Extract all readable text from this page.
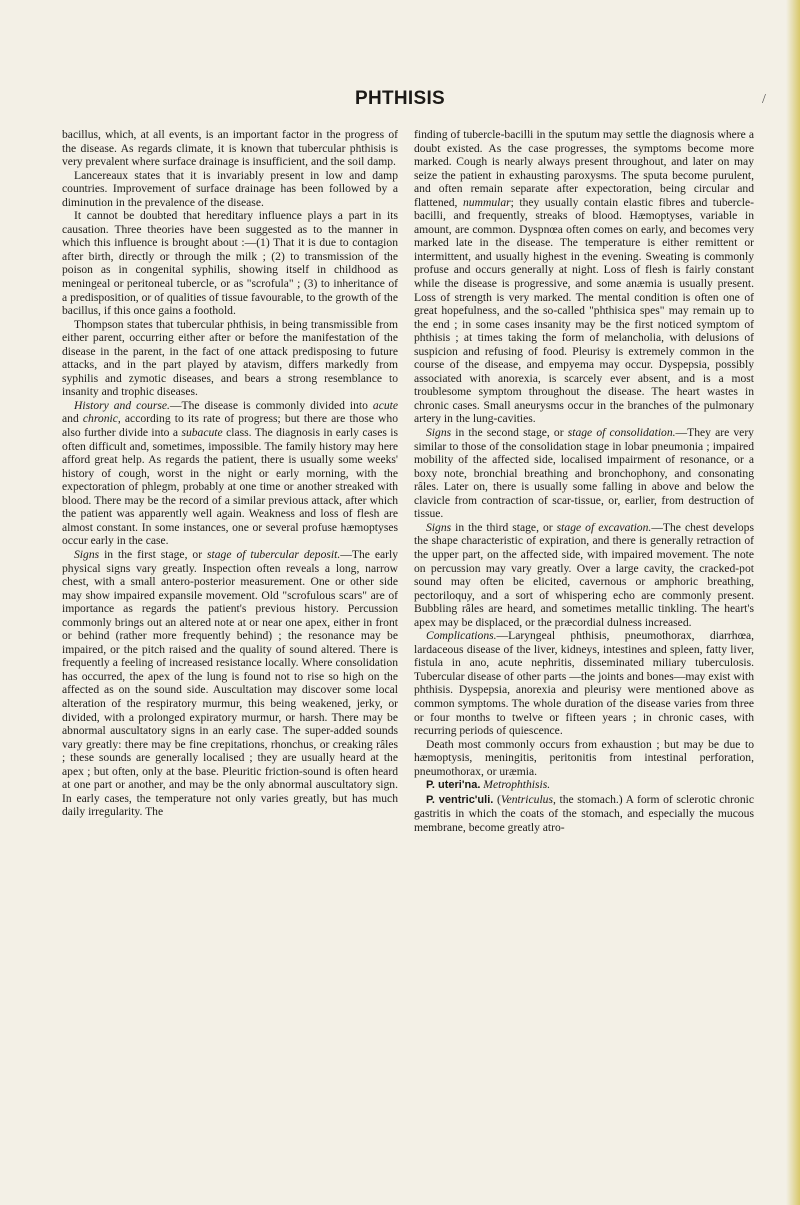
PHTHISIS	/

bacillus, which, at all events, is an important factor in the progress of the disease. As regards climate, it is known that tubercular phthisis is very prevalent where surface drainage is insufficient, and the soil damp.

Lancereaux states that it is invariably present in low and damp countries. Improvement of surface drainage has been followed by a diminution in the prevalence of the disease.

It cannot be doubted that hereditary influence plays a part in its causation. Three theories have been suggested as to the manner in which this influence is brought about :—(1) That it is due to contagion after birth, directly or through the milk ; (2) to transmission of the poison as in congenital syphilis, showing itself in childhood as meningeal or peritoneal tubercle, or as "scrofula" ; (3) to inheritance of a predisposition, or of qualities of tissue favourable, to the growth of the bacillus, if this once gains a foothold.

Thompson states that tubercular phthisis, in being transmissible from either parent, occurring either after or before the manifestation of the disease in the parent, in the fact of one attack predisposing to future attacks, and in the part played by atavism, differs markedly from syphilis and zymotic diseases, and bears a strong resemblance to insanity and trophic diseases.

History and course.—The disease is commonly divided into acute and chronic, according to its rate of progress; but there are those who also further divide into a subacute class. The diagnosis in early cases is often difficult and, sometimes, impossible. The family history may here afford great help. As regards the patient, there is usually some weeks' history of cough, worst in the night or early morning, with the expectoration of phlegm, probably at one time or another streaked with blood. There may be the record of a similar previous attack, after which the patient was apparently well again. Weakness and loss of flesh are almost constant. In some instances, one or several profuse hæmoptyses occur early in the case.

Signs in the first stage, or stage of tubercular deposit.—The early physical signs vary greatly. Inspection often reveals a long, narrow chest, with a small antero-posterior measurement. One or other side may show impaired expansile movement. Old "scrofulous scars" are of importance as regards the patient's previous history. Percussion commonly brings out an altered note at or near one apex, either in front or behind (rather more frequently behind) ; the resonance may be impaired, or the pitch raised and the quality of sound altered. There is frequently a feeling of increased resistance locally. Where consolidation has occurred, the apex of the lung is found not to rise so high on the affected as on the sound side. Auscultation may discover some local alteration of the respiratory murmur, this being weakened, jerky, or divided, with a prolonged expiratory murmur, or harsh. There may be abnormal auscultatory signs in an early case. The super-added sounds vary greatly: there may be fine crepitations, rhonchus, or creaking râles ; these sounds are generally localised ; they are usually heard at the apex ; but often, only at the base. Pleuritic friction-sound is often heard at one part or another, and may be the only abnormal auscultatory sign. In early cases, the temperature not only varies greatly, but has much daily irregularity. The

finding of tubercle-bacilli in the sputum may settle the diagnosis where a doubt existed. As the case progresses, the symptoms become more marked. Cough is nearly always present throughout, and later on may seize the patient in exhausting paroxysms. The sputa become purulent, and often remain separate after expectoration, being circular and flattened, nummular; they usually contain elastic fibres and tubercle-bacilli, and frequently, streaks of blood. Hæmoptyses, variable in amount, are common. Dyspnœa often comes on early, and becomes very marked late in the disease. The temperature is either remittent or intermittent, and usually highest in the evening. Sweating is commonly profuse and occurs generally at night. Loss of flesh is fairly constant while the disease is progressive, and some anæmia is usually present. Loss of strength is very marked. The mental condition is often one of great hopefulness, and the so-called "phthisica spes" may remain up to the end ; in some cases insanity may be the first noticed symptom of phthisis ; at times taking the form of melancholia, with delusions of suspicion and refusing of food. Pleurisy is extremely common in the course of the disease, and empyema may occur. Dyspepsia, possibly associated with anorexia, is scarcely ever absent, and is a most troublesome symptom throughout the disease. The heart wastes in chronic cases. Small aneurysms occur in the branches of the pulmonary artery in the lung-cavities.

Signs in the second stage, or stage of consolidation.—They are very similar to those of the consolidation stage in lobar pneumonia ; impaired mobility of the affected side, localised impairment of resonance, or a boxy note, bronchial breathing and bronchophony, and consonating râles. Later on, there is usually some falling in above and below the clavicle from contraction of scar-tissue, or, earlier, from destruction of tissue.

Signs in the third stage, or stage of excavation.—The chest develops the shape characteristic of expiration, and there is generally retraction of the upper part, on the affected side, with impaired movement. The note on percussion may vary greatly. Over a large cavity, the cracked-pot sound may often be elicited, cavernous or amphoric breathing, pectoriloquy, and a sort of whispering echo are commonly present. Bubbling râles are heard, and sometimes metallic tinkling. The heart's apex may be displaced, or the præcordial dulness increased.

Complications.—Laryngeal phthisis, pneumothorax, diarrhœa, lardaceous disease of the liver, kidneys, intestines and spleen, fatty liver, fistula in ano, acute nephritis, disseminated miliary tuberculosis. Tubercular disease of other parts —the joints and bones—may exist with phthisis. Dyspepsia, anorexia and pleurisy were mentioned above as common symptoms. The whole duration of the disease varies from three or four months to twelve or fifteen years ; in chronic cases, with recurring periods of quiescence.

Death most commonly occurs from exhaustion ; but may be due to hæmoptysis, meningitis, peritonitis from intestinal perforation, pneumothorax, or uræmia.

P. uteri'na. Metrophthisis.

P. ventric'uli. (Ventriculus, the stomach.) A form of sclerotic chronic gastritis in which the coats of the stomach, and especially the mucous membrane, become greatly atro-
